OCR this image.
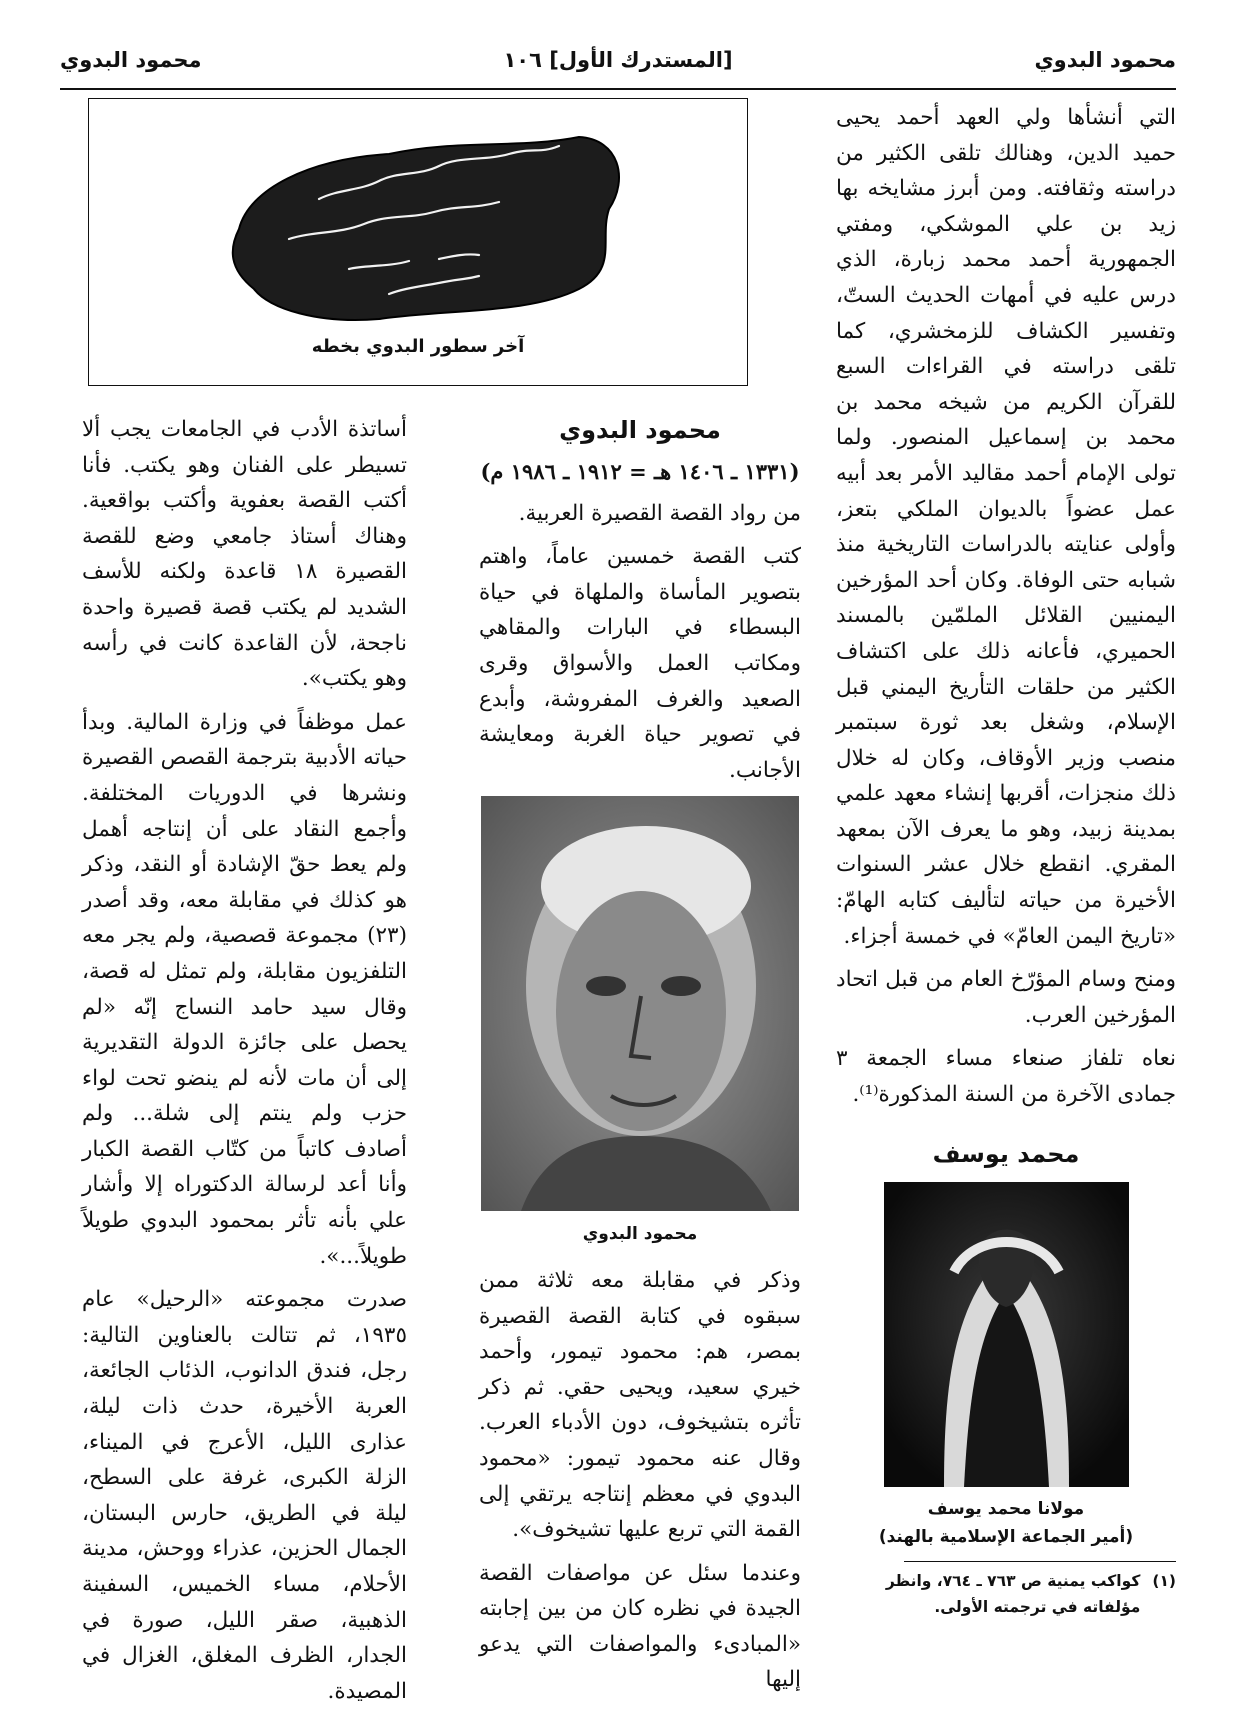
محمود البدوي
[المستدرك الأول] ١٠٦
محمود البدوي

التي أنشأها ولي العهد أحمد يحيى حميد الدين، وهنالك تلقى الكثير من دراسته وثقافته. ومن أبرز مشايخه بها زيد بن علي الموشكي، ومفتي الجمهورية أحمد محمد زبارة، الذي درس عليه في أمهات الحديث الستّ، وتفسير الكشاف للزمخشري، كما تلقى دراسته في القراءات السبع للقرآن الكريم من شيخه محمد بن محمد بن إسماعيل المنصور. ولما تولى الإمام أحمد مقاليد الأمر بعد أبيه عمل عضواً بالديوان الملكي بتعز، وأولى عنايته بالدراسات التاريخية منذ شبابه حتى الوفاة. وكان أحد المؤرخين اليمنيين القلائل الملمّين بالمسند الحميري، فأعانه ذلك على اكتشاف الكثير من حلقات التأريخ اليمني قبل الإسلام، وشغل بعد ثورة سبتمبر منصب وزير الأوقاف، وكان له خلال ذلك منجزات، أقربها إنشاء معهد علمي بمدينة زبيد، وهو ما يعرف الآن بمعهد المقري. انقطع خلال عشر السنوات الأخيرة من حياته لتأليف كتابه الهامّ: «تاريخ اليمن العامّ» في خمسة أجزاء.

ومنح وسام المؤرّخ العام من قبل اتحاد المؤرخين العرب.

نعاه تلفاز صنعاء مساء الجمعة ٣ جمادى الآخرة من السنة المذكورة⁽¹⁾.

محمد يوسف
مولانا محمد يوسف
(أمير الجماعة الإسلامية بالهند)
(١)
كواكب يمنية ص ٧٦٣ ـ ٧٦٤، وانظر مؤلفاته في ترجمته الأولى.
آخر سطور البدوي بخطه
محمود البدوي
(١٣٣١ ـ ١٤٠٦ هـ = ١٩١٢ ـ ١٩٨٦ م)

من رواد القصة القصيرة العربية.

كتب القصة خمسين عاماً، واهتم بتصوير المأساة والملهاة في حياة البسطاء في البارات والمقاهي ومكاتب العمل والأسواق وقرى الصعيد والغرف المفروشة، وأبدع في تصوير حياة الغربة ومعايشة الأجانب.

محمود البدوي

وذكر في مقابلة معه ثلاثة ممن سبقوه في كتابة القصة القصيرة بمصر، هم: محمود تيمور، وأحمد خيري سعيد، ويحيى حقي. ثم ذكر تأثره بتشيخوف، دون الأدباء العرب. وقال عنه محمود تيمور: «محمود البدوي في معظم إنتاجه يرتقي إلى القمة التي تربع عليها تشيخوف».

وعندما سئل عن مواصفات القصة الجيدة في نظره كان من بين إجابته «المبادىء والمواصفات التي يدعو إليها

أساتذة الأدب في الجامعات يجب ألا تسيطر على الفنان وهو يكتب. فأنا أكتب القصة بعفوية وأكتب بواقعية. وهناك أستاذ جامعي وضع للقصة القصيرة ١٨ قاعدة ولكنه للأسف الشديد لم يكتب قصة قصيرة واحدة ناجحة، لأن القاعدة كانت في رأسه وهو يكتب».

عمل موظفاً في وزارة المالية. وبدأ حياته الأدبية بترجمة القصص القصيرة ونشرها في الدوريات المختلفة. وأجمع النقاد على أن إنتاجه أهمل ولم يعط حقّ الإشادة أو النقد، وذكر هو كذلك في مقابلة معه، وقد أصدر (٢٣) مجموعة قصصية، ولم يجر معه التلفزيون مقابلة، ولم تمثل له قصة، وقال سيد حامد النساج إنّه «لم يحصل على جائزة الدولة التقديرية إلى أن مات لأنه لم ينضو تحت لواء حزب ولم ينتم إلى شلة... ولم أصادف كاتباً من كتّاب القصة الكبار وأنا أعد لرسالة الدكتوراه إلا وأشار علي بأنه تأثر بمحمود البدوي طويلاً طويلاً...».

صدرت مجموعته «الرحيل» عام ١٩٣٥، ثم تتالت بالعناوين التالية: رجل، فندق الدانوب، الذئاب الجائعة، العربة الأخيرة، حدث ذات ليلة، عذارى الليل، الأعرج في الميناء، الزلة الكبرى، غرفة على السطح، ليلة في الطريق، حارس البستان، الجمال الحزين، عذراء ووحش، مدينة الأحلام، مساء الخميس، السفينة الذهبية، صقر الليل، صورة في الجدار، الظرف المغلق، الغزال في المصيدة.
